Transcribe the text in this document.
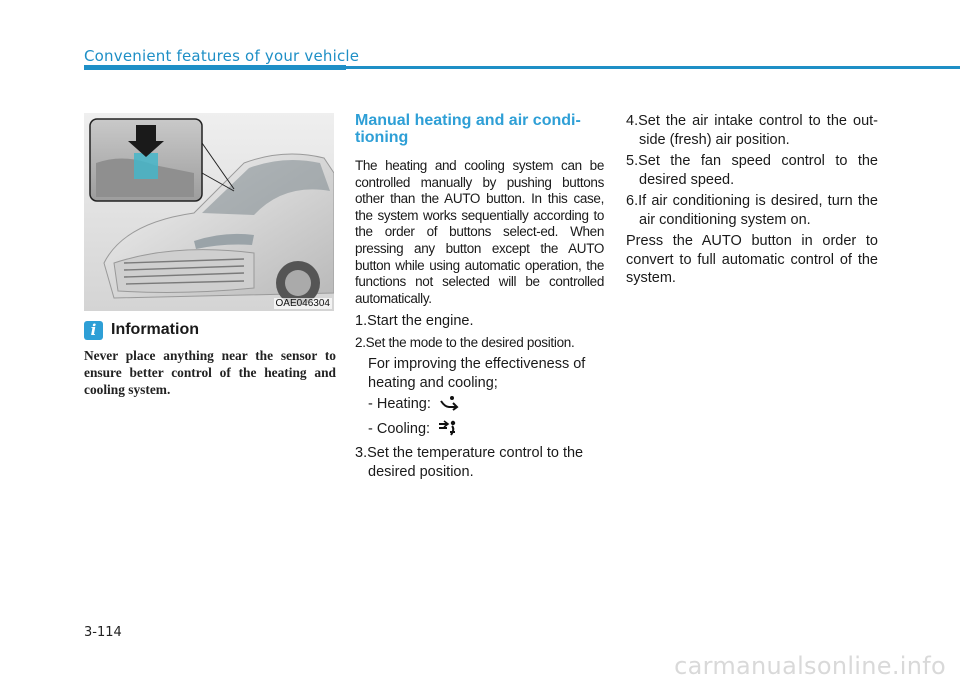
Convenient features of your vehicle
OAE046304
i Information
Never place anything near the sensor to ensure better control of the heating and cooling system.
Manual heating and air condi-tioning
The heating and cooling system can be controlled manually by pushing buttons other than the AUTO button. In this case, the system works sequentially according to the order of buttons select-ed. When pressing any button except the AUTO button while using automatic operation, the functions not selected will be controlled automatically.
1.Start the engine.
2.Set the mode to the desired position.
For improving the effectiveness of heating and cooling;
- Heating:
- Cooling:
3.Set the temperature control to the desired position.
4.Set the air intake control to the out-side (fresh) air position.
5.Set the fan speed control to the desired speed.
6.If air conditioning is desired, turn the air conditioning system on.
Press the AUTO button in order to convert to full automatic control of the system.
3-114
carmanualsonline.info
